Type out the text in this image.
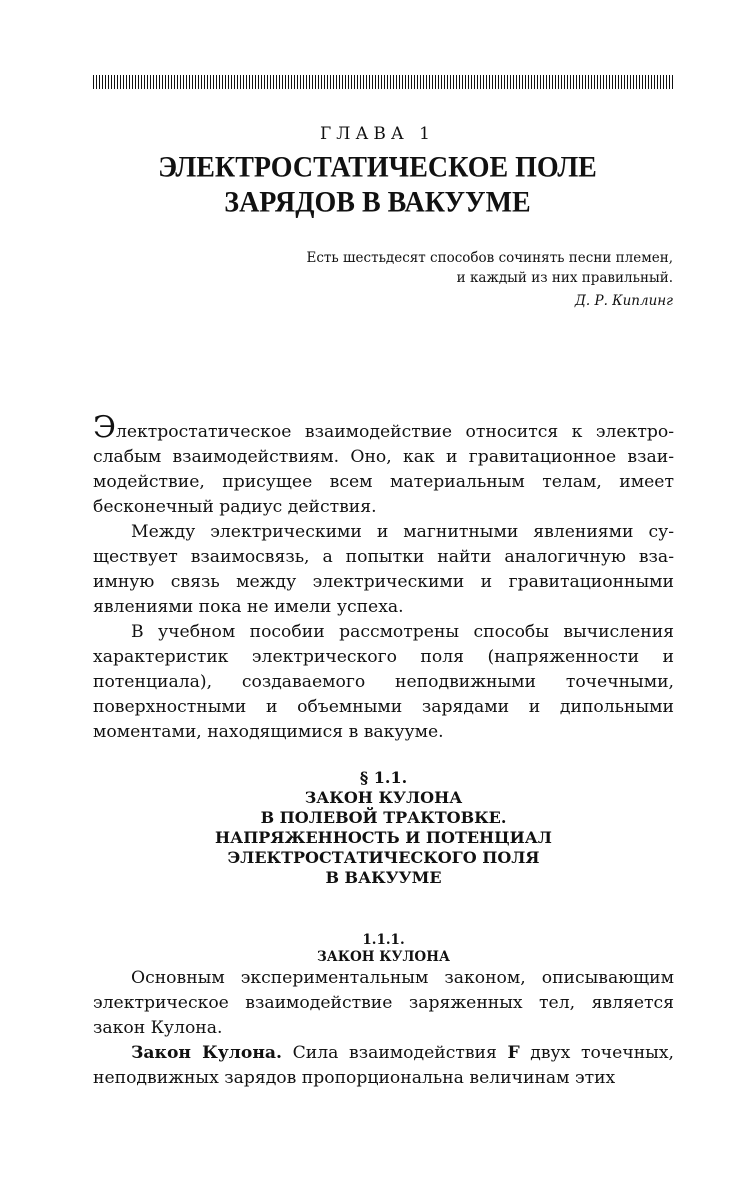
ГЛАВА 1
ЭЛЕКТРОСТАТИЧЕСКОЕ ПОЛЕ
ЗАРЯДОВ В ВАКУУМЕ
Есть шестьдесят способов сочинять песни племен,
и каждый из них правильный.
Д. Р. Киплинг

Электростатическое взаимодействие относится к электрослабым взаимодействиям. Оно, как и гравитационное взаимодействие, присущее всем материальным телам, имеет бесконечный радиус действия.

Между электрическими и магнитными явлениями существует взаимосвязь, а попытки найти аналогичную взаимную связь между электрическими и гравитационными явлениями пока не имели успеха.

В учебном пособии рассмотрены способы вычисления характеристик электрического поля (напряженности и потенциала), создаваемого неподвижными точечными, поверхностными и объемными зарядами и дипольными моментами, находящимися в вакууме.

§ 1.1.
ЗАКОН КУЛОНА
В ПОЛЕВОЙ ТРАКТОВКЕ.
НАПРЯЖЕННОСТЬ И ПОТЕНЦИАЛ
ЭЛЕКТРОСТАТИЧЕСКОГО ПОЛЯ
В ВАКУУМЕ
1.1.1.
ЗАКОН КУЛОНА

Основным экспериментальным законом, описывающим электрическое взаимодействие заряженных тел, является закон Кулона.

Закон Кулона. Сила взаимодействия F двух точечных, неподвижных зарядов пропорциональна величинам этих
